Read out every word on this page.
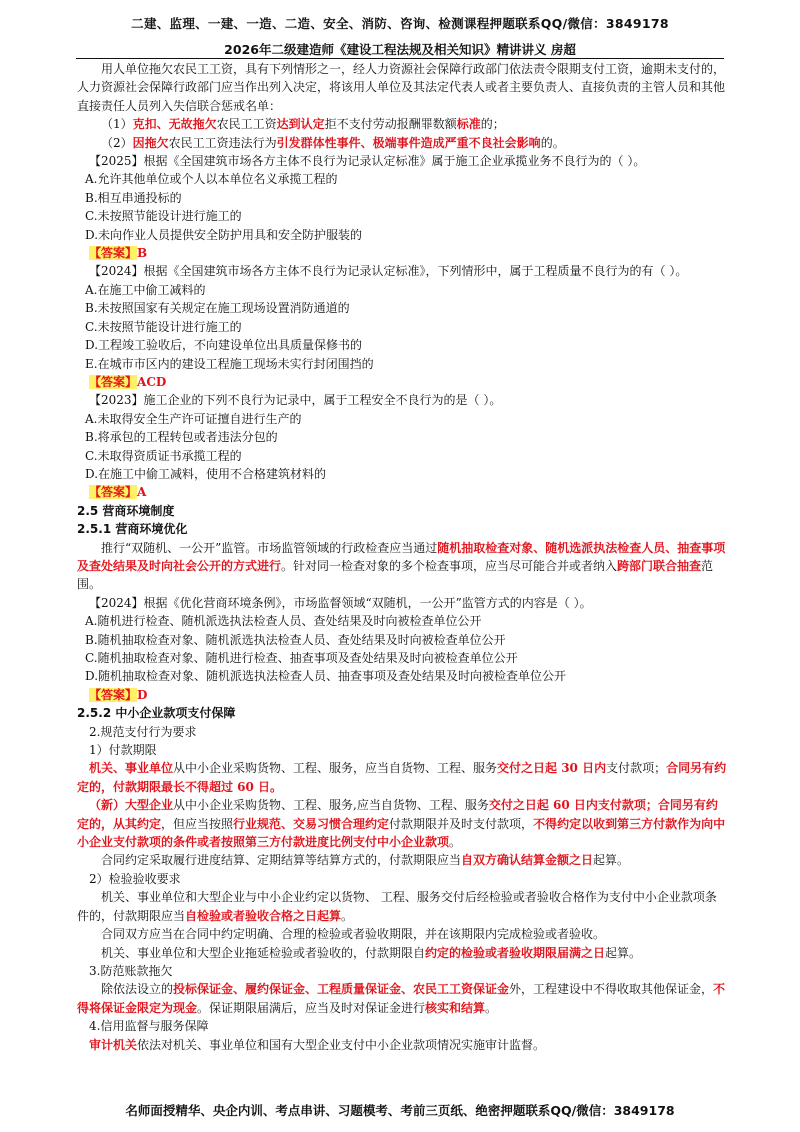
二建、监理、一建、一造、二造、安全、消防、咨询、检测课程押题联系QQ/微信：3849178
2026年二级建造师《建设工程法规及相关知识》精讲讲义 房超

用人单位拖欠农民工工资，具有下列情形之一，经人力资源社会保障行政部门依法责令限期支付工资，逾期未支付的，人力资源社会保障行政部门应当作出列入决定，将该用人单位及其法定代表人或者主要负责人、直接负责的主管人员和其他直接责任人员列入失信联合惩戒名单：

（1）克扣、无故拖欠农民工工资达到认定拒不支付劳动报酬罪数额标准的；

（2）因拖欠农民工工资违法行为引发群体性事件、极端事件造成严重不良社会影响的。

【2025】根据《全国建筑市场各方主体不良行为记录认定标准》属于施工企业承揽业务不良行为的（ ）。

A.允许其他单位或个人以本单位名义承揽工程的

B.相互串通投标的

C.未按照节能设计进行施工的

D.未向作业人员提供安全防护用具和安全防护服装的

【答案】B

【2024】根据《全国建筑市场各方主体不良行为记录认定标准》，下列情形中，属于工程质量不良行为的有（ ）。

A.在施工中偷工减料的

B.未按照国家有关规定在施工现场设置消防通道的

C.未按照节能设计进行施工的

D.工程竣工验收后，不向建设单位出具质量保修书的

E.在城市市区内的建设工程施工现场未实行封闭围挡的

【答案】ACD

【2023】施工企业的下列不良行为记录中，属于工程安全不良行为的是（ ）。

A.未取得安全生产许可证擅自进行生产的

B.将承包的工程转包或者违法分包的

C.未取得资质证书承揽工程的

D.在施工中偷工减料，使用不合格建筑材料的

【答案】A

2.5 营商环境制度

2.5.1 营商环境优化

推行“双随机、一公开”监管。市场监管领域的行政检查应当通过随机抽取检查对象、随机选派执法检查人员、抽查事项及查处结果及时向社会公开的方式进行。针对同一检查对象的多个检查事项，应当尽可能合并或者纳入跨部门联合抽查范围。

【2024】根据《优化营商环境条例》，市场监督领域“双随机，一公开”监管方式的内容是（ ）。

A.随机进行检查、随机派选执法检查人员、查处结果及时向被检查单位公开

B.随机抽取检查对象、随机派选执法检查人员、查处结果及时向被检查单位公开

C.随机抽取检查对象、随机进行检查、抽查事项及查处结果及时向被检查单位公开

D.随机抽取检查对象、随机派选执法检查人员、抽查事项及查处结果及时向被检查单位公开

【答案】D

2.5.2 中小企业款项支付保障

2.规范支付行为要求

1）付款期限

机关、事业单位从中小企业采购货物、工程、服务，应当自货物、工程、服务交付之日起 30 日内支付款项；合同另有约定的，付款期限最长不得超过 60 日。

（新）大型企业从中小企业采购货物、工程、服务,应当自货物、工程、服务交付之日起 60 日内支付款项；合同另有约定的，从其约定，但应当按照行业规范、交易习惯合理约定付款期限并及时支付款项，不得约定以收到第三方付款作为向中小企业支付款项的条件或者按照第三方付款进度比例支付中小企业款项。

合同约定采取履行进度结算、定期结算等结算方式的，付款期限应当自双方确认结算金额之日起算。

2）检验验收要求

机关、事业单位和大型企业与中小企业约定以货物、 工程、服务交付后经检验或者验收合格作为支付中小企业款项条件的，付款期限应当自检验或者验收合格之日起算。

合同双方应当在合同中约定明确、合理的检验或者验收期限，并在该期限内完成检验或者验收。

机关、事业单位和大型企业拖延检验或者验收的，付款期限自约定的检验或者验收期限届满之日起算。

3.防范账款拖欠

除依法设立的投标保证金、履约保证金、工程质量保证金、农民工工资保证金外，工程建设中不得收取其他保证金，不得将保证金限定为现金。保证期限届满后，应当及时对保证金进行核实和结算。

4.信用监督与服务保障

审计机关依法对机关、事业单位和国有大型企业支付中小企业款项情况实施审计监督。

名师面授精华、央企内训、考点串讲、习题模考、考前三页纸、绝密押题联系QQ/微信：3849178
